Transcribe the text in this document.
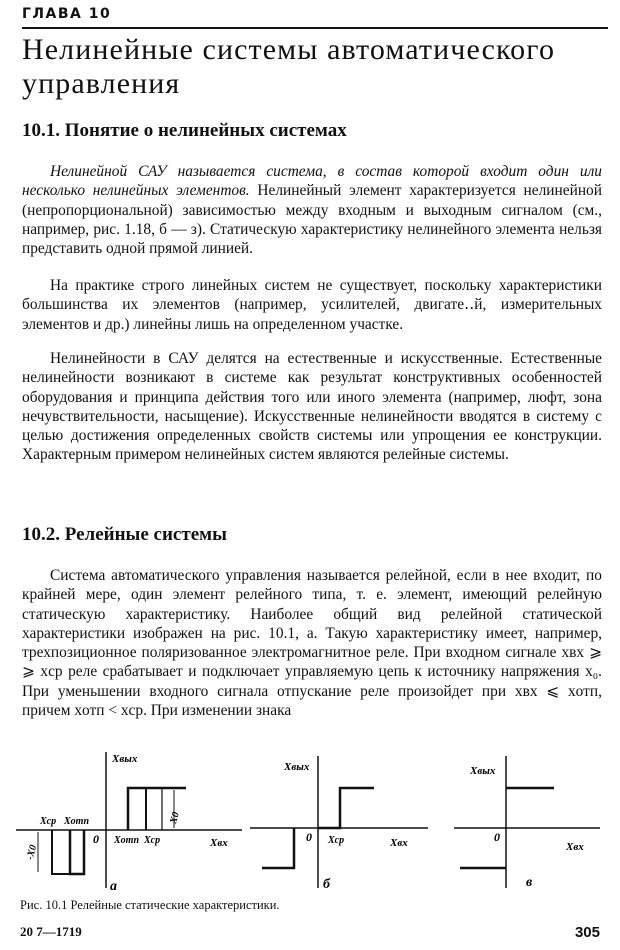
ГЛАВА 10
Нелинейные системы автоматического управления
10.1. Понятие о нелинейных системах

Нелинейной САУ называется система, в состав которой входит один или несколько нелинейных элементов. Нелинейный элемент характеризуется нелинейной (непропорциональной) зависимостью между входным и выходным сигналом (см., например, рис. 1.18, б — з). Статическую характеристику нелинейного элемента нельзя представить одной прямой линией.

На практике строго линейных систем не существует, поскольку характеристики большинства их элементов (например, усилителей, двигате‥й, измерительных элементов и др.) линейны лишь на определенном участке.

Нелинейности в САУ делятся на естественные и искусственные. Естественные нелинейности возникают в системе как результат конструктивных особенностей оборудования и принципа действия того или иного элемента (например, люфт, зона нечувствительности, насыщение). Искусственные нелинейности вводятся в систему с целью достижения определенных свойств системы или упрощения ее конструкции. Характерным примером нелинейных систем являются релейные системы.

10.2. Релейные системы

Система автоматического управления называется релейной, если в нее входит, по крайней мере, один элемент релейного типа, т. е. элемент, имеющий релейную статическую характеристику. Наиболее общий вид релейной статической характеристики изображен на рис. 10.1, а. Такую характеристику имеет, например, трехпозиционное поляризованное электромагнитное реле. При входном сигнале xвх ⩾ ⩾ xср реле срабатывает и подключает управляемую цепь к источнику напряжения x₀. При уменьшении входного сигнала отпускание реле произойдет при xвх ⩽ xотп, причем xотп < xср. При изменении знака

Xвых
Xвх
0
Xср Xотп
Xотп Xср
X0
-X0
а
Xвых
Xвх
0 Xср
б
Xвых
Xвх
0
в
Рис. 10.1 Релейные статические характеристики.
20 7—1719	305
